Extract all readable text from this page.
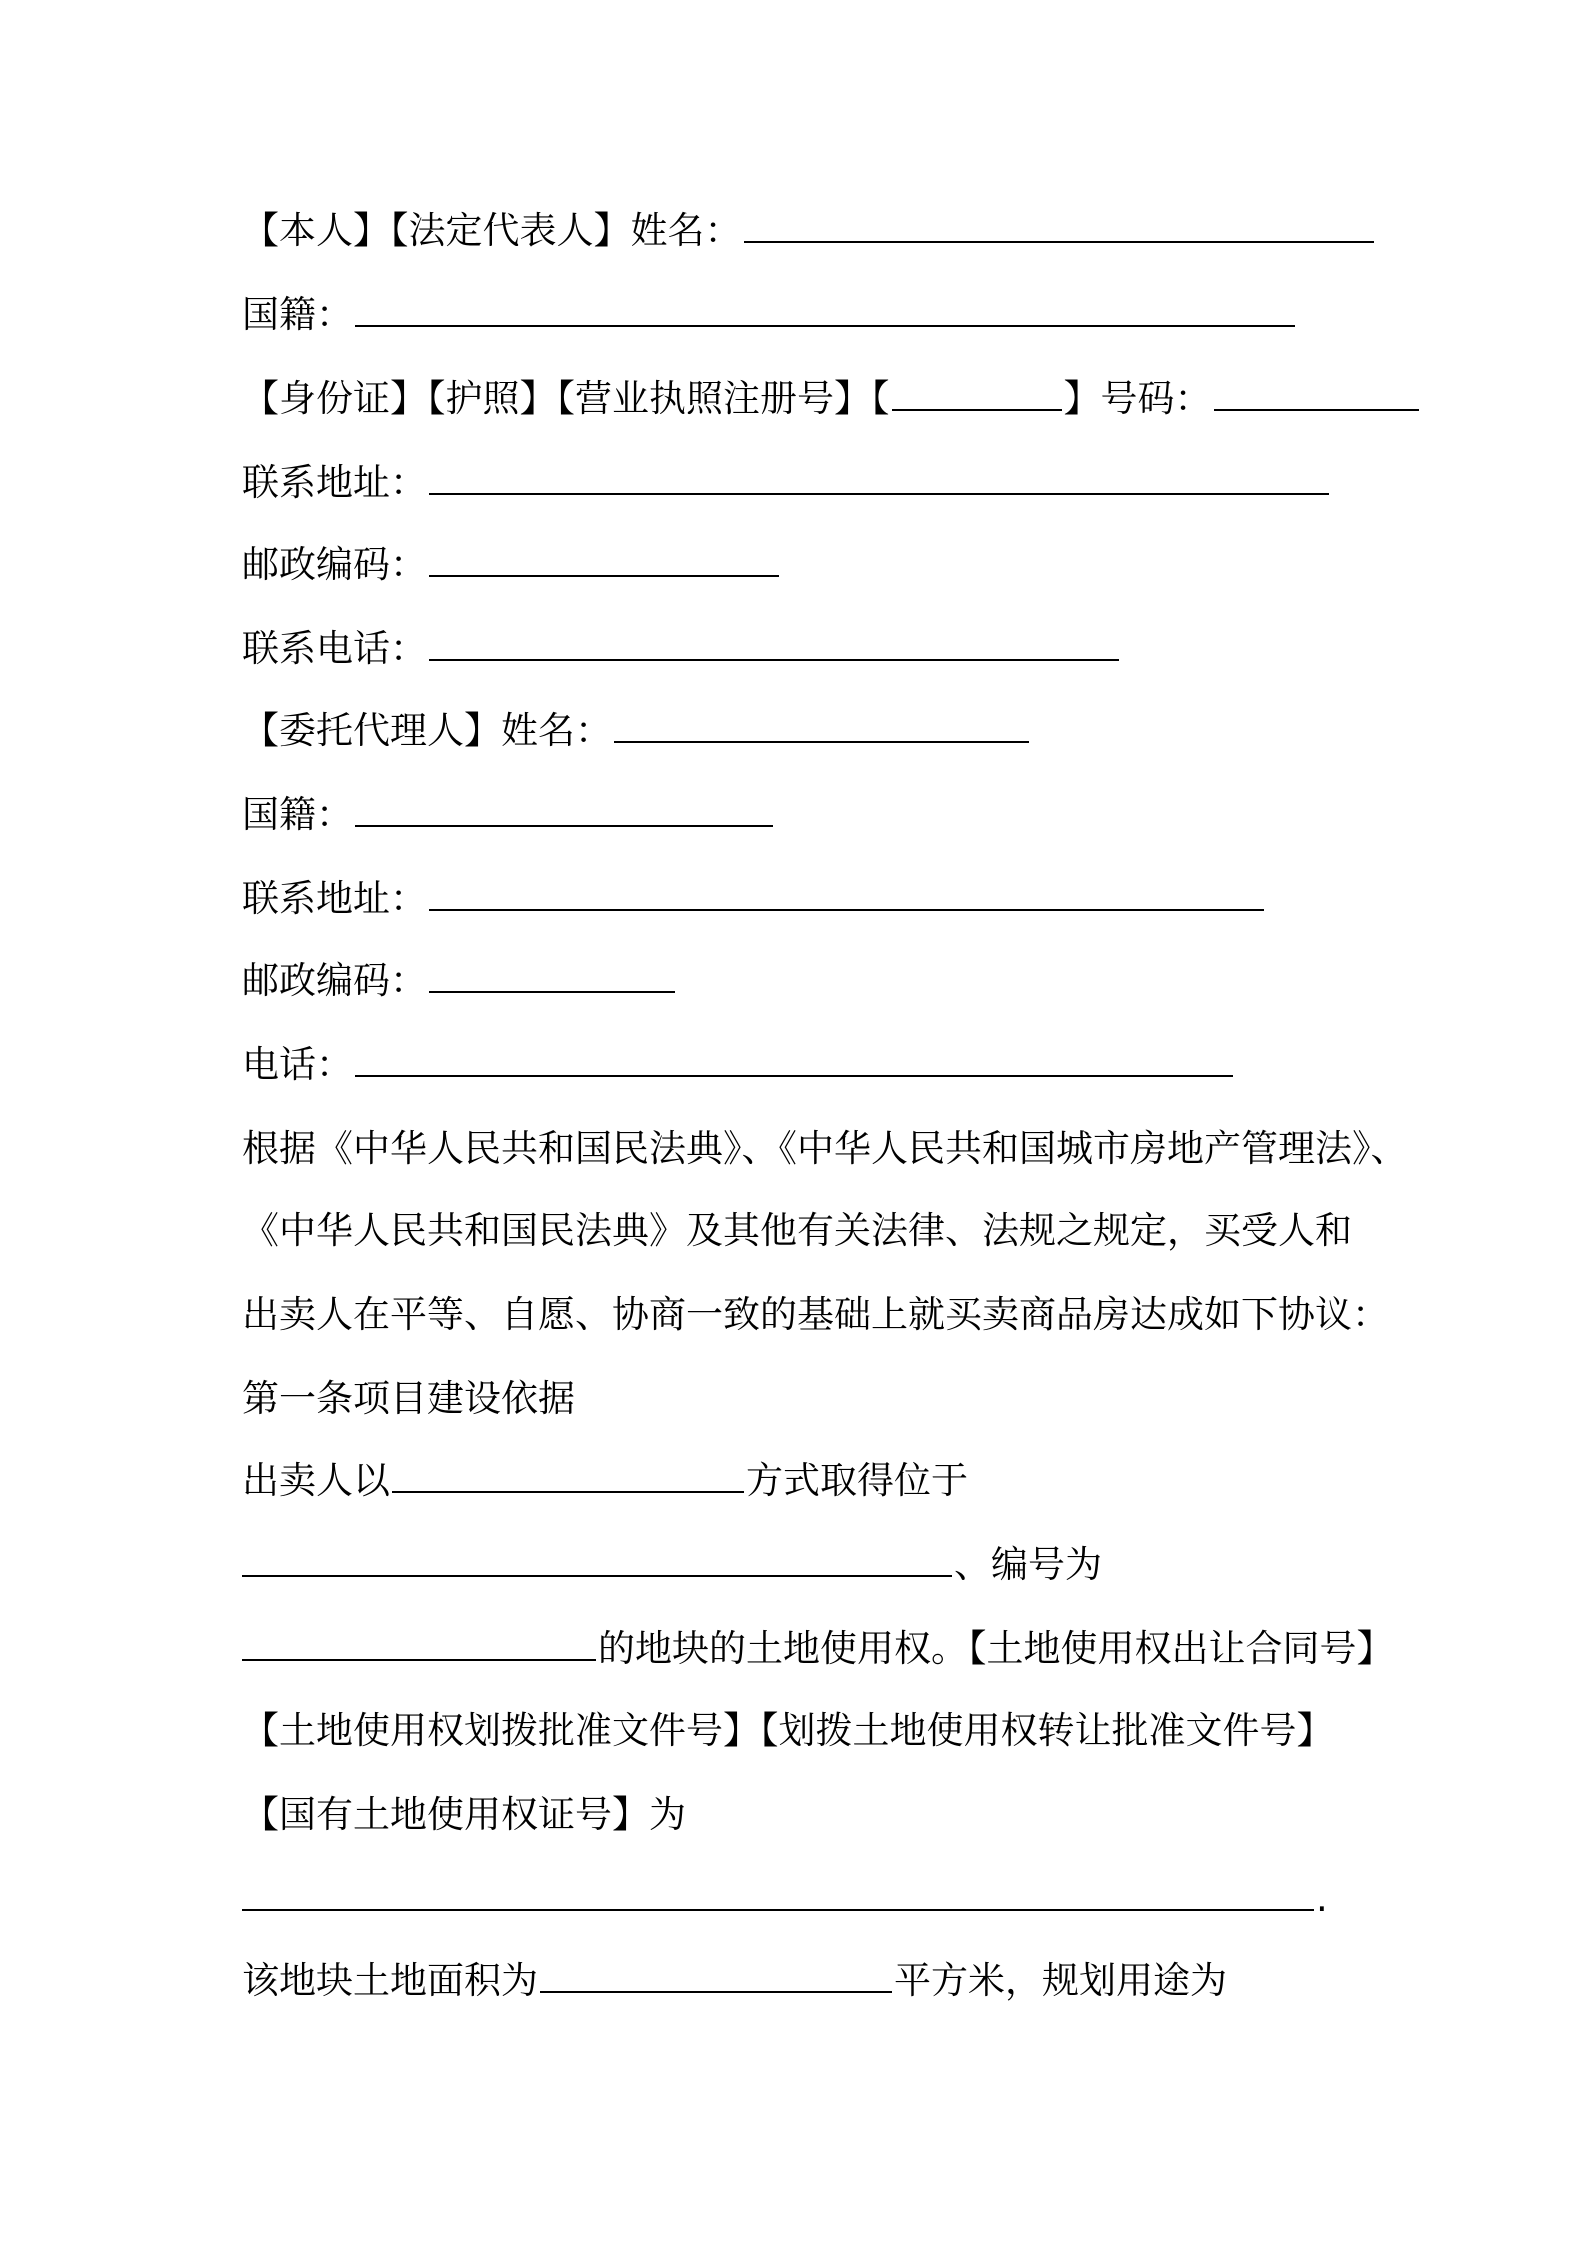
【本人】【法定代表人】姓名：
国籍：
【身份证】【护照】【营业执照注册号】【	】号码：
联系地址：
邮政编码：
联系电话：
【委托代理人】姓名：
国籍：
联系地址：
邮政编码：
电话：
根据《中华人民共和国民法典》、《中华人民共和国城市房地产管理法》、
《中华人民共和国民法典》及其他有关法律、法规之规定，买受人和
出卖人在平等、自愿、协商一致的基础上就买卖商品房达成如下协议：
第一条项目建设依据
出卖人以	方式取得位于
、编号为
的地块的土地使用权。【土地使用权出让合同号】
【土地使用权划拨批准文件号】【划拨土地使用权转让批准文件号】
【国有土地使用权证号】为
.
该地块土地面积为	平方米，规划用途为
